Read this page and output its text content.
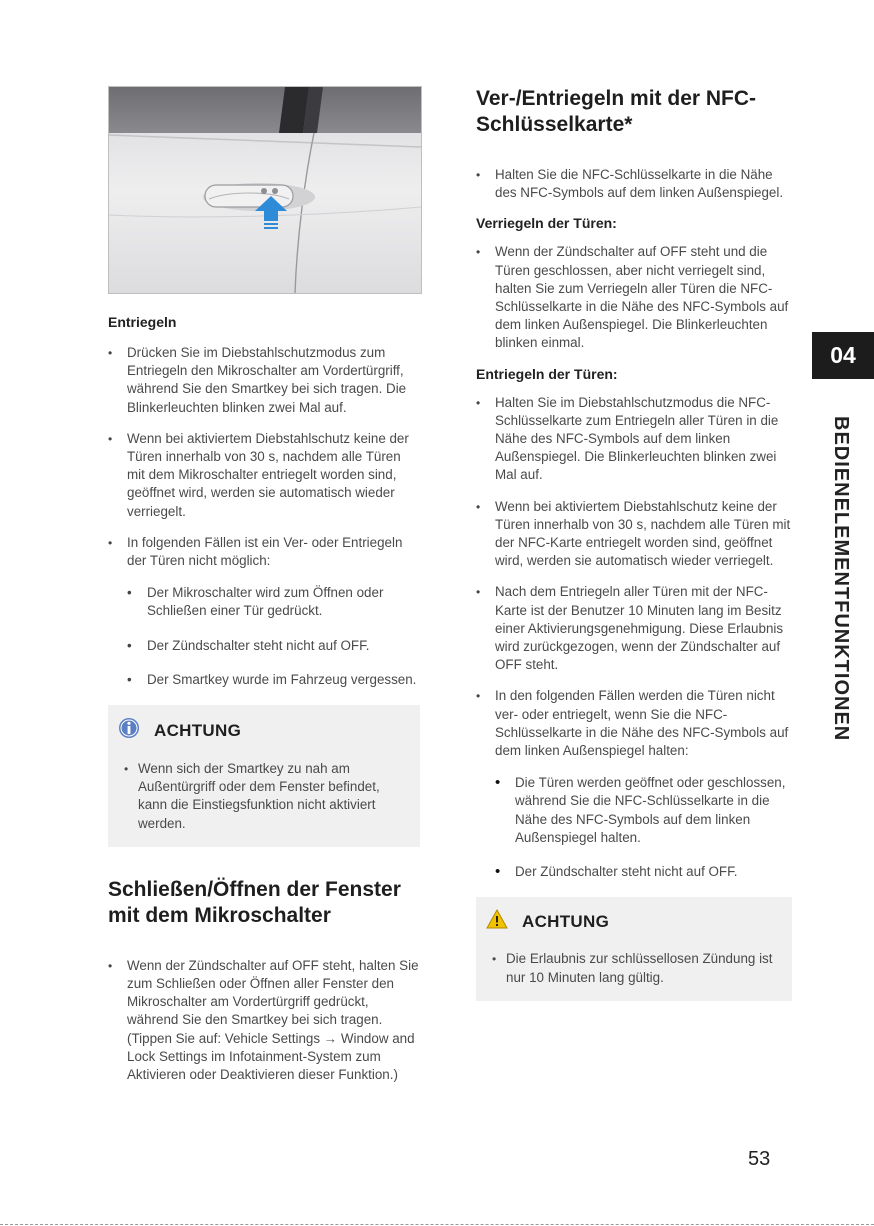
Entriegeln
• Drücken Sie im Diebstahlschutzmodus zum Entriegeln den Mikroschalter am Vordertürgriff, während Sie den Smartkey bei sich tragen. Die Blinkerleuchten blinken zwei Mal auf.
• Wenn bei aktiviertem Diebstahlschutz keine der Türen innerhalb von 30 s, nachdem alle Türen mit dem Mikroschalter entriegelt worden sind, geöffnet wird, werden sie automatisch wieder verriegelt.
• In folgenden Fällen ist ein Ver- oder Entriegeln der Türen nicht möglich:
• Der Mikroschalter wird zum Öffnen oder Schließen einer Tür gedrückt.
• Der Zündschalter steht nicht auf OFF.
• Der Smartkey wurde im Fahrzeug vergessen.
ACHTUNG
• Wenn sich der Smartkey zu nah am Außentürgriff oder dem Fenster befindet, kann die Einstiegsfunktion nicht aktiviert werden.
Schließen/Öffnen der Fenster mit dem Mikroschalter
• Wenn der Zündschalter auf OFF steht, halten Sie zum Schließen oder Öffnen aller Fenster den Mikroschalter am Vordertürgriff gedrückt, während Sie den Smartkey bei sich tragen. (Tippen Sie auf: Vehicle Settings → Window and Lock Settings im Infotainment-System zum Aktivieren oder Deaktivieren dieser Funktion.)
Ver-/Entriegeln mit der NFC-Schlüsselkarte*
• Halten Sie die NFC-Schlüsselkarte in die Nähe des NFC-Symbols auf dem linken Außenspiegel.
Verriegeln der Türen:
• Wenn der Zündschalter auf OFF steht und die Türen geschlossen, aber nicht verriegelt sind, halten Sie zum Verriegeln aller Türen die NFC-Schlüsselkarte in die Nähe des NFC-Symbols auf dem linken Außenspiegel. Die Blinkerleuchten blinken einmal.
Entriegeln der Türen:
• Halten Sie im Diebstahlschutzmodus die NFC-Schlüsselkarte zum Entriegeln aller Türen in die Nähe des NFC-Symbols auf dem linken Außenspiegel. Die Blinkerleuchten blinken zwei Mal auf.
• Wenn bei aktiviertem Diebstahlschutz keine der Türen innerhalb von 30 s, nachdem alle Türen mit der NFC-Karte entriegelt worden sind, geöffnet wird, werden sie automatisch wieder verriegelt.
• Nach dem Entriegeln aller Türen mit der NFC-Karte ist der Benutzer 10 Minuten lang im Besitz einer Aktivierungsgenehmigung. Diese Erlaubnis wird zurückgezogen, wenn der Zündschalter auf OFF steht.
• In den folgenden Fällen werden die Türen nicht ver- oder entriegelt, wenn Sie die NFC-Schlüsselkarte in die Nähe des NFC-Symbols auf dem linken Außenspiegel halten:
• Die Türen werden geöffnet oder geschlossen, während Sie die NFC-Schlüsselkarte in die Nähe des NFC-Symbols auf dem linken Außenspiegel halten.
• Der Zündschalter steht nicht auf OFF.
ACHTUNG
• Die Erlaubnis zur schlüssellosen Zündung ist nur 10 Minuten lang gültig.
04
BEDIENELEMENTFUNKTIONEN
53
